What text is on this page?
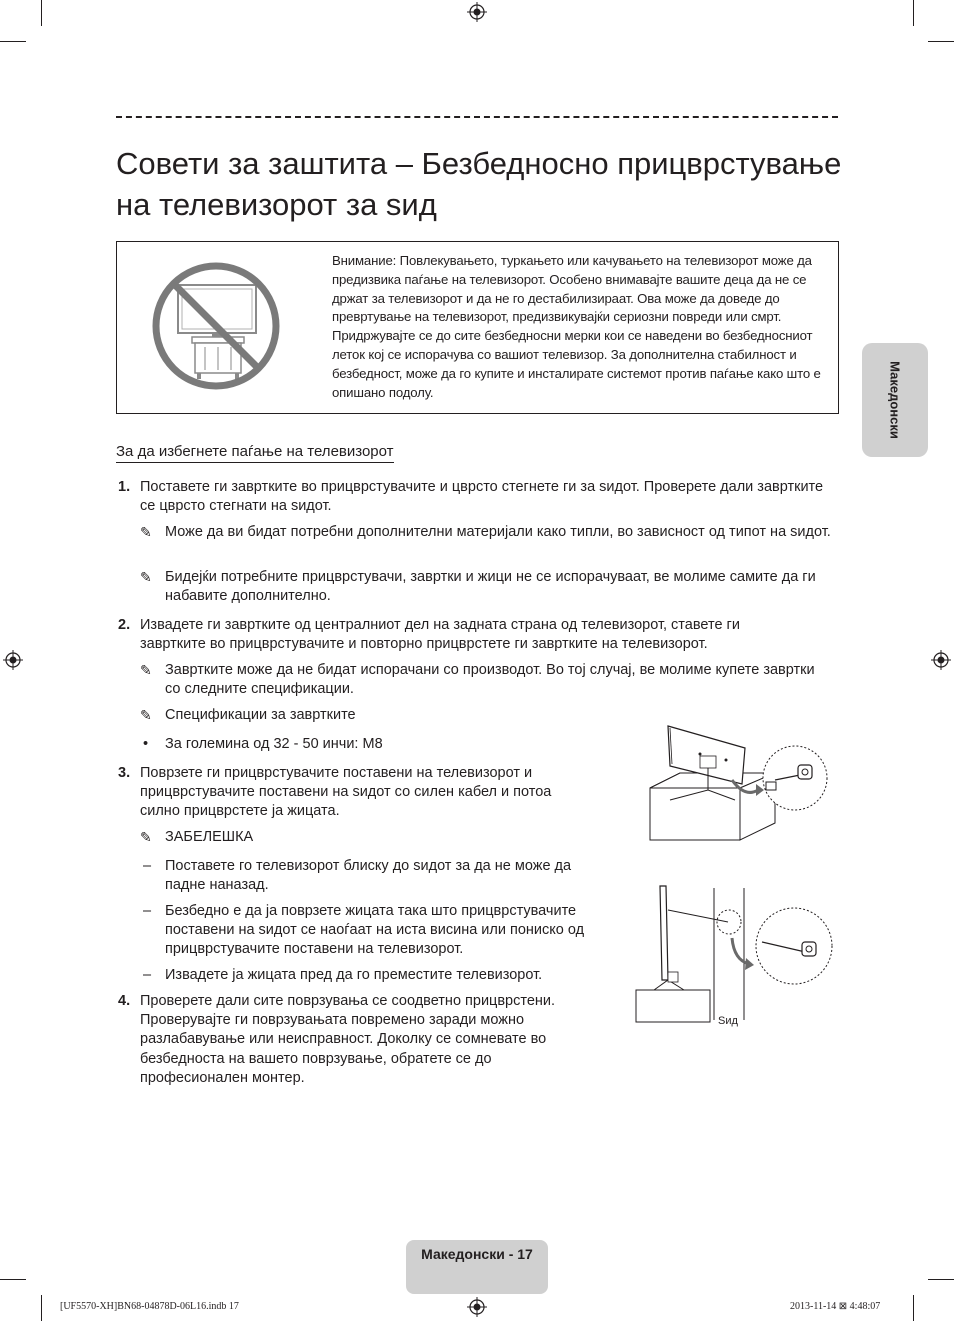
Совети за заштита – Безбедносно прицврстување на телевизорот за ѕид
Македонски
Внимание: Повлекувањето, туркањето или качувањето на телевизорот може да предизвика паѓање на телевизорот. Особено внимавајте вашите деца да не се држат за телевизорот и да не го дестабилизираат. Ова може да доведе до превртување на телевизорот, предизвикувајќи сериозни повреди или смрт. Придржувајте се до сите безбедносни мерки кои се наведени во безбедносниот леток кој се испорачува со вашиот телевизор. За дополнителна стабилност и безбедност, може да го купите и инсталирате системот против паѓање како што е опишано подолу.
За да избегнете паѓање на телевизорот
1. Поставете ги завртките во прицврстувачите и цврсто стегнете ги за ѕидот. Проверете дали завртките се цврсто стегнати на ѕидот.
✎ Може да ви бидат потребни дополнителни материјали како типли, во зависност од типот на ѕидот.
✎ Бидејќи потребните прицврстувачи, завртки и жици не се испорачуваат, ве молиме самите да ги набавите дополнително.
2. Извадете ги завртките од централниот дел на задната страна од телевизорот, ставете ги завртките во прицврстувачите и повторно прицврстете ги завртките на телевизорот.
✎ Завртките може да не бидат испорачани со производот. Во тој случај, ве молиме купете завртки со следните спецификации.
✎ Спецификации за завртките
• За големина од 32 - 50 инчи: M8
3. Поврзете ги прицврстувачите поставени на телевизорот и прицврстувачите поставени на ѕидот со силен кабел и потоа силно прицврстете ја жицата.
✎ ЗАБЕЛЕШКА
– Поставете го телевизорот блиску до ѕидот за да не може да падне наназад.
– Безбедно е да ја поврзете жицата така што прицврстувачите поставени на ѕидот се наоѓаат на иста висина или пониско од прицврстувачите поставени на телевизорот.
– Извадете ја жицата пред да го преместите телевизорот.
4. Проверете дали сите поврзувања се соодветно прицврстени. Проверувајте ги поврзувањата повремено заради можно разлабавување или неисправност. Доколку се сомневате во безбедноста на вашето поврзување, обратете се до професионален монтер.
Ѕид
Македонски - 17
[UF5570-XH]BN68-04878D-06L16.indb 17	2013-11-14 ⊠ 4:48:07
